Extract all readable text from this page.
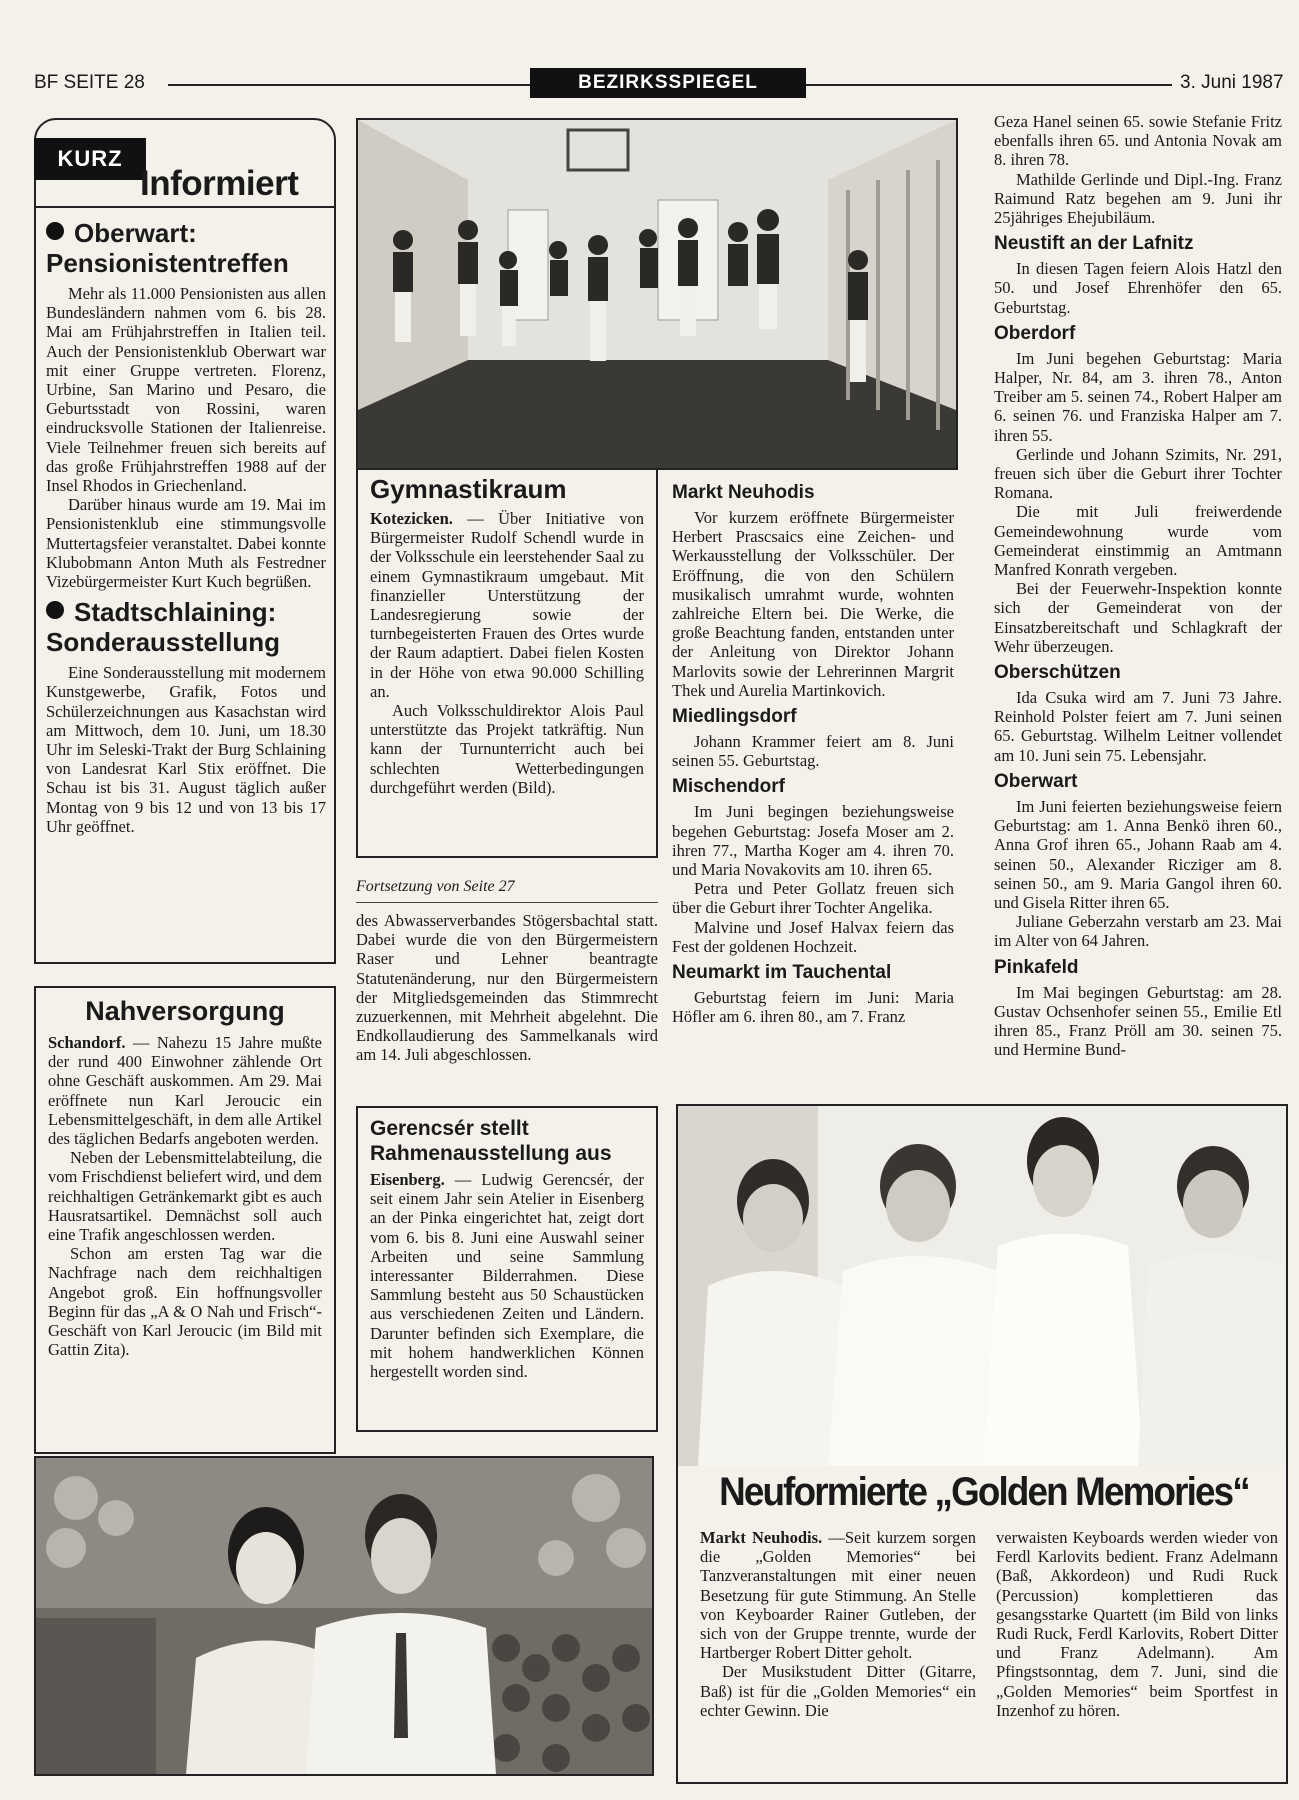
BF SEITE 28	BEZIRKSSPIEGEL	3. Juni 1987
KURZ
Informiert
Oberwart:
Pensionistentreffen

Mehr als 11.000 Pensionisten aus allen Bundesländern nahmen vom 6. bis 28. Mai am Frühjahrstreffen in Italien teil. Auch der Pensionistenklub Oberwart war mit einer Gruppe vertreten. Florenz, Urbine, San Marino und Pesaro, die Geburtsstadt von Rossini, waren eindrucksvolle Stationen der Italienreise. Viele Teilnehmer freuen sich bereits auf das große Frühjahrstreffen 1988 auf der Insel Rhodos in Griechenland.

Darüber hinaus wurde am 19. Mai im Pensionistenklub eine stimmungsvolle Muttertagsfeier veranstaltet. Dabei konnte Klubobmann Anton Muth als Festredner Vizebürgermeister Kurt Kuch begrüßen.

Stadtschlaining:
Sonderausstellung

Eine Sonderausstellung mit modernem Kunstgewerbe, Grafik, Fotos und Schülerzeichnungen aus Kasachstan wird am Mittwoch, dem 10. Juni, um 18.30 Uhr im Seleski-Trakt der Burg Schlaining von Landesrat Karl Stix eröffnet. Die Schau ist bis 31. August täglich außer Montag von 9 bis 12 und von 13 bis 17 Uhr geöffnet.

Nahversorgung

Schandorf. — Nahezu 15 Jahre mußte der rund 400 Einwohner zählende Ort ohne Geschäft auskommen. Am 29. Mai eröffnete nun Karl Jeroucic ein Lebensmittelgeschäft, in dem alle Artikel des täglichen Bedarfs angeboten werden.

Neben der Lebensmittelabteilung, die vom Frischdienst beliefert wird, und dem reichhaltigen Getränkemarkt gibt es auch Hausratsartikel. Demnächst soll auch eine Trafik angeschlossen werden.

Schon am ersten Tag war die Nachfrage nach dem reichhaltigen Angebot groß. Ein hoffnungsvoller Beginn für das „A & O Nah und Frisch“-Geschäft von Karl Jeroucic (im Bild mit Gattin Zita).

Gymnastikraum

Kotezicken. — Über Initiative von Bürgermeister Rudolf Schendl wurde in der Volksschule ein leerstehender Saal zu einem Gymnastikraum umgebaut. Mit finanzieller Unterstützung der Landesregierung sowie der turnbegeisterten Frauen des Ortes wurde der Raum adaptiert. Dabei fielen Kosten in der Höhe von etwa 90.000 Schilling an.

Auch Volksschuldirektor Alois Paul unterstützte das Projekt tatkräftig. Nun kann der Turnunterricht auch bei schlechten Wetterbedingungen durchgeführt werden (Bild).

Fortsetzung von Seite 27

des Abwasserverbandes Stögersbachtal statt. Dabei wurde die von den Bürgermeistern Raser und Lehner beantragte Statutenänderung, nur den Bürgermeistern der Mitgliedsgemeinden das Stimmrecht zuzuerkennen, mit Mehrheit abgelehnt. Die Endkollaudierung des Sammelkanals wird am 14. Juli abgeschlossen.

Gerencsér stellt Rahmenausstellung aus

Eisenberg. — Ludwig Gerencsér, der seit einem Jahr sein Atelier in Eisenberg an der Pinka eingerichtet hat, zeigt dort vom 6. bis 8. Juni eine Auswahl seiner Arbeiten und seine Sammlung interessanter Bilderrahmen. Diese Sammlung besteht aus 50 Schaustücken aus verschiedenen Zeiten und Ländern. Darunter befinden sich Exemplare, die mit hohem handwerklichen Können hergestellt worden sind.

Markt Neuhodis

Vor kurzem eröffnete Bürgermeister Herbert Prascsaics eine Zeichen- und Werkausstellung der Volksschüler. Der Eröffnung, die von den Schülern musikalisch umrahmt wurde, wohnten zahlreiche Eltern bei. Die Werke, die große Beachtung fanden, entstanden unter der Anleitung von Direktor Johann Marlovits sowie der Lehrerinnen Margrit Thek und Aurelia Martinkovich.

Miedlingsdorf

Johann Krammer feiert am 8. Juni seinen 55. Geburtstag.

Mischendorf

Im Juni begingen beziehungsweise begehen Geburtstag: Josefa Moser am 2. ihren 77., Martha Koger am 4. ihren 70. und Maria Novakovits am 10. ihren 65.

Petra und Peter Gollatz freuen sich über die Geburt ihrer Tochter Angelika.

Malvine und Josef Halvax feiern das Fest der goldenen Hochzeit.

Neumarkt im Tauchental

Geburtstag feiern im Juni: Maria Höfler am 6. ihren 80., am 7. Franz

Geza Hanel seinen 65. sowie Stefanie Fritz ebenfalls ihren 65. und Antonia Novak am 8. ihren 78.

Mathilde Gerlinde und Dipl.-Ing. Franz Raimund Ratz begehen am 9. Juni ihr 25jähriges Ehejubiläum.

Neustift an der Lafnitz

In diesen Tagen feiern Alois Hatzl den 50. und Josef Ehrenhöfer den 65. Geburtstag.

Oberdorf

Im Juni begehen Geburtstag: Maria Halper, Nr. 84, am 3. ihren 78., Anton Treiber am 5. seinen 74., Robert Halper am 6. seinen 76. und Franziska Halper am 7. ihren 55.

Gerlinde und Johann Szimits, Nr. 291, freuen sich über die Geburt ihrer Tochter Romana.

Die mit Juli freiwerdende Gemeindewohnung wurde vom Gemeinderat einstimmig an Amtmann Manfred Konrath vergeben.

Bei der Feuerwehr-Inspektion konnte sich der Gemeinderat von der Einsatzbereitschaft und Schlagkraft der Wehr überzeugen.

Oberschützen

Ida Csuka wird am 7. Juni 73 Jahre. Reinhold Polster feiert am 7. Juni seinen 65. Geburtstag. Wilhelm Leitner vollendet am 10. Juni sein 75. Lebensjahr.

Oberwart

Im Juni feierten beziehungsweise feiern Geburtstag: am 1. Anna Benkö ihren 60., Anna Grof ihren 65., Johann Raab am 4. seinen 50., Alexander Ricziger am 8. seinen 50., am 9. Maria Gangol ihren 60. und Gisela Ritter ihren 65.

Juliane Geberzahn verstarb am 23. Mai im Alter von 64 Jahren.

Pinkafeld

Im Mai begingen Geburtstag: am 28. Gustav Ochsenhofer seinen 55., Emilie Etl ihren 85., Franz Pröll am 30. seinen 75. und Hermine Bund-

Neuformierte „Golden Memories“

Markt Neuhodis. —Seit kurzem sorgen die „Golden Memories“ bei Tanzveranstaltungen mit einer neuen Besetzung für gute Stimmung. An Stelle von Keyboarder Rainer Gutleben, der sich von der Gruppe trennte, wurde der Hartberger Robert Ditter geholt.

Der Musikstudent Ditter (Gitarre, Baß) ist für die „Golden Memories“ ein echter Gewinn. Die

verwaisten Keyboards werden wieder von Ferdl Karlovits bedient. Franz Adelmann (Baß, Akkordeon) und Rudi Ruck (Percussion) komplettieren das gesangsstarke Quartett (im Bild von links Rudi Ruck, Ferdl Karlovits, Robert Ditter und Franz Adelmann). Am Pfingstsonntag, dem 7. Juni, sind die „Golden Memories“ beim Sportfest in Inzenhof zu hören.
